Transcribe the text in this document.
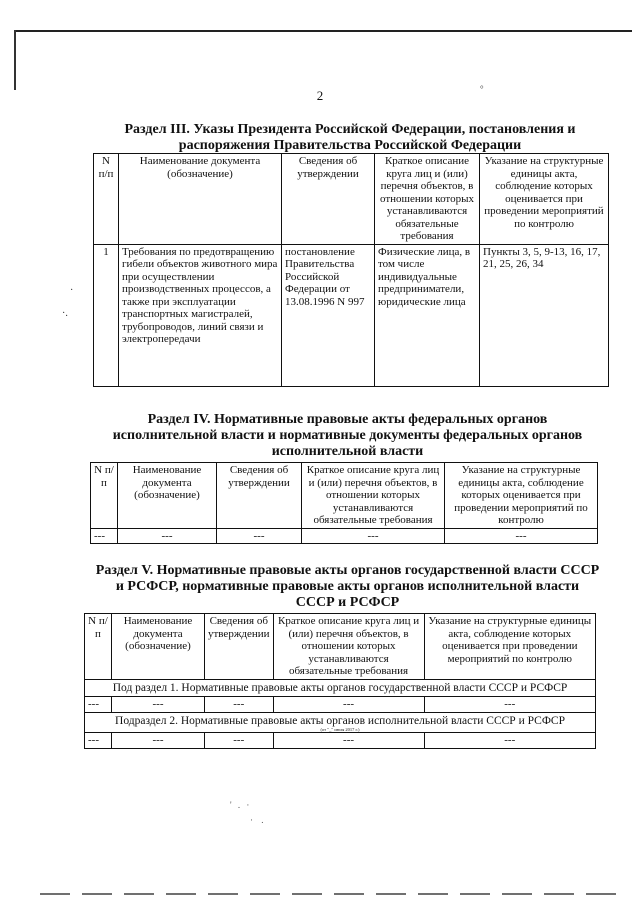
°
·
·.
2
Раздел III. Указы Президента Российской Федерации, постановления и распоряжения Правительства Российской Федерации
N п/п	Наименование документа (обозначение)	Сведения об утверждении	Краткое описание круга лиц и (или) перечня объектов, в отношении которых устанавливаются обязательные требования	Указание на структурные единицы акта, соблюдение которых оценивается при проведении мероприятий по контролю
1	Требования по предотвращению гибели объектов животного мира при осуществлении производственных процессов, а также при эксплуатации транспортных магистралей, трубопроводов, линий связи и электропередачи	постановление Правительства Российской Федерации от 13.08.1996 N 997	Физические лица, в том числе индивидуальные предприниматели, юридические лица	Пункты 3, 5, 9-13, 16, 17, 21, 25, 26, 34
Раздел IV. Нормативные правовые акты федеральных органов исполнительной власти и нормативные документы федеральных органов исполнительной власти
N п/п	Наименование документа (обозначение)	Сведения об утверждении	Краткое описание круга лиц и (или) перечня объектов, в отношении которых устанавливаются обязательные требования	Указание на структурные единицы акта, соблюдение которых оценивается при проведении мероприятий по контролю
---	---	---	---	---
Раздел V. Нормативные правовые акты органов государственной власти СССР и РСФСР, нормативные правовые акты органов исполнительной власти СССР и РСФСР
N п/п	Наименование документа (обозначение)	Сведения об утверждении	Краткое описание круга лиц и (или) перечня объектов, в отношении которых устанавливаются обязательные требования	Указание на структурные единицы акта, соблюдение которых оценивается при проведении мероприятий по контролю
Под раздел 1. Нормативные правовые акты органов государственной власти СССР и РСФСР				
---	---	---	---	---

Подраздел 2. Нормативные правовые акты органов исполнительной власти СССР и РСФСР
(от "_" июля 2017 г.)				

---	---	---	---	---
' . ·
· .
